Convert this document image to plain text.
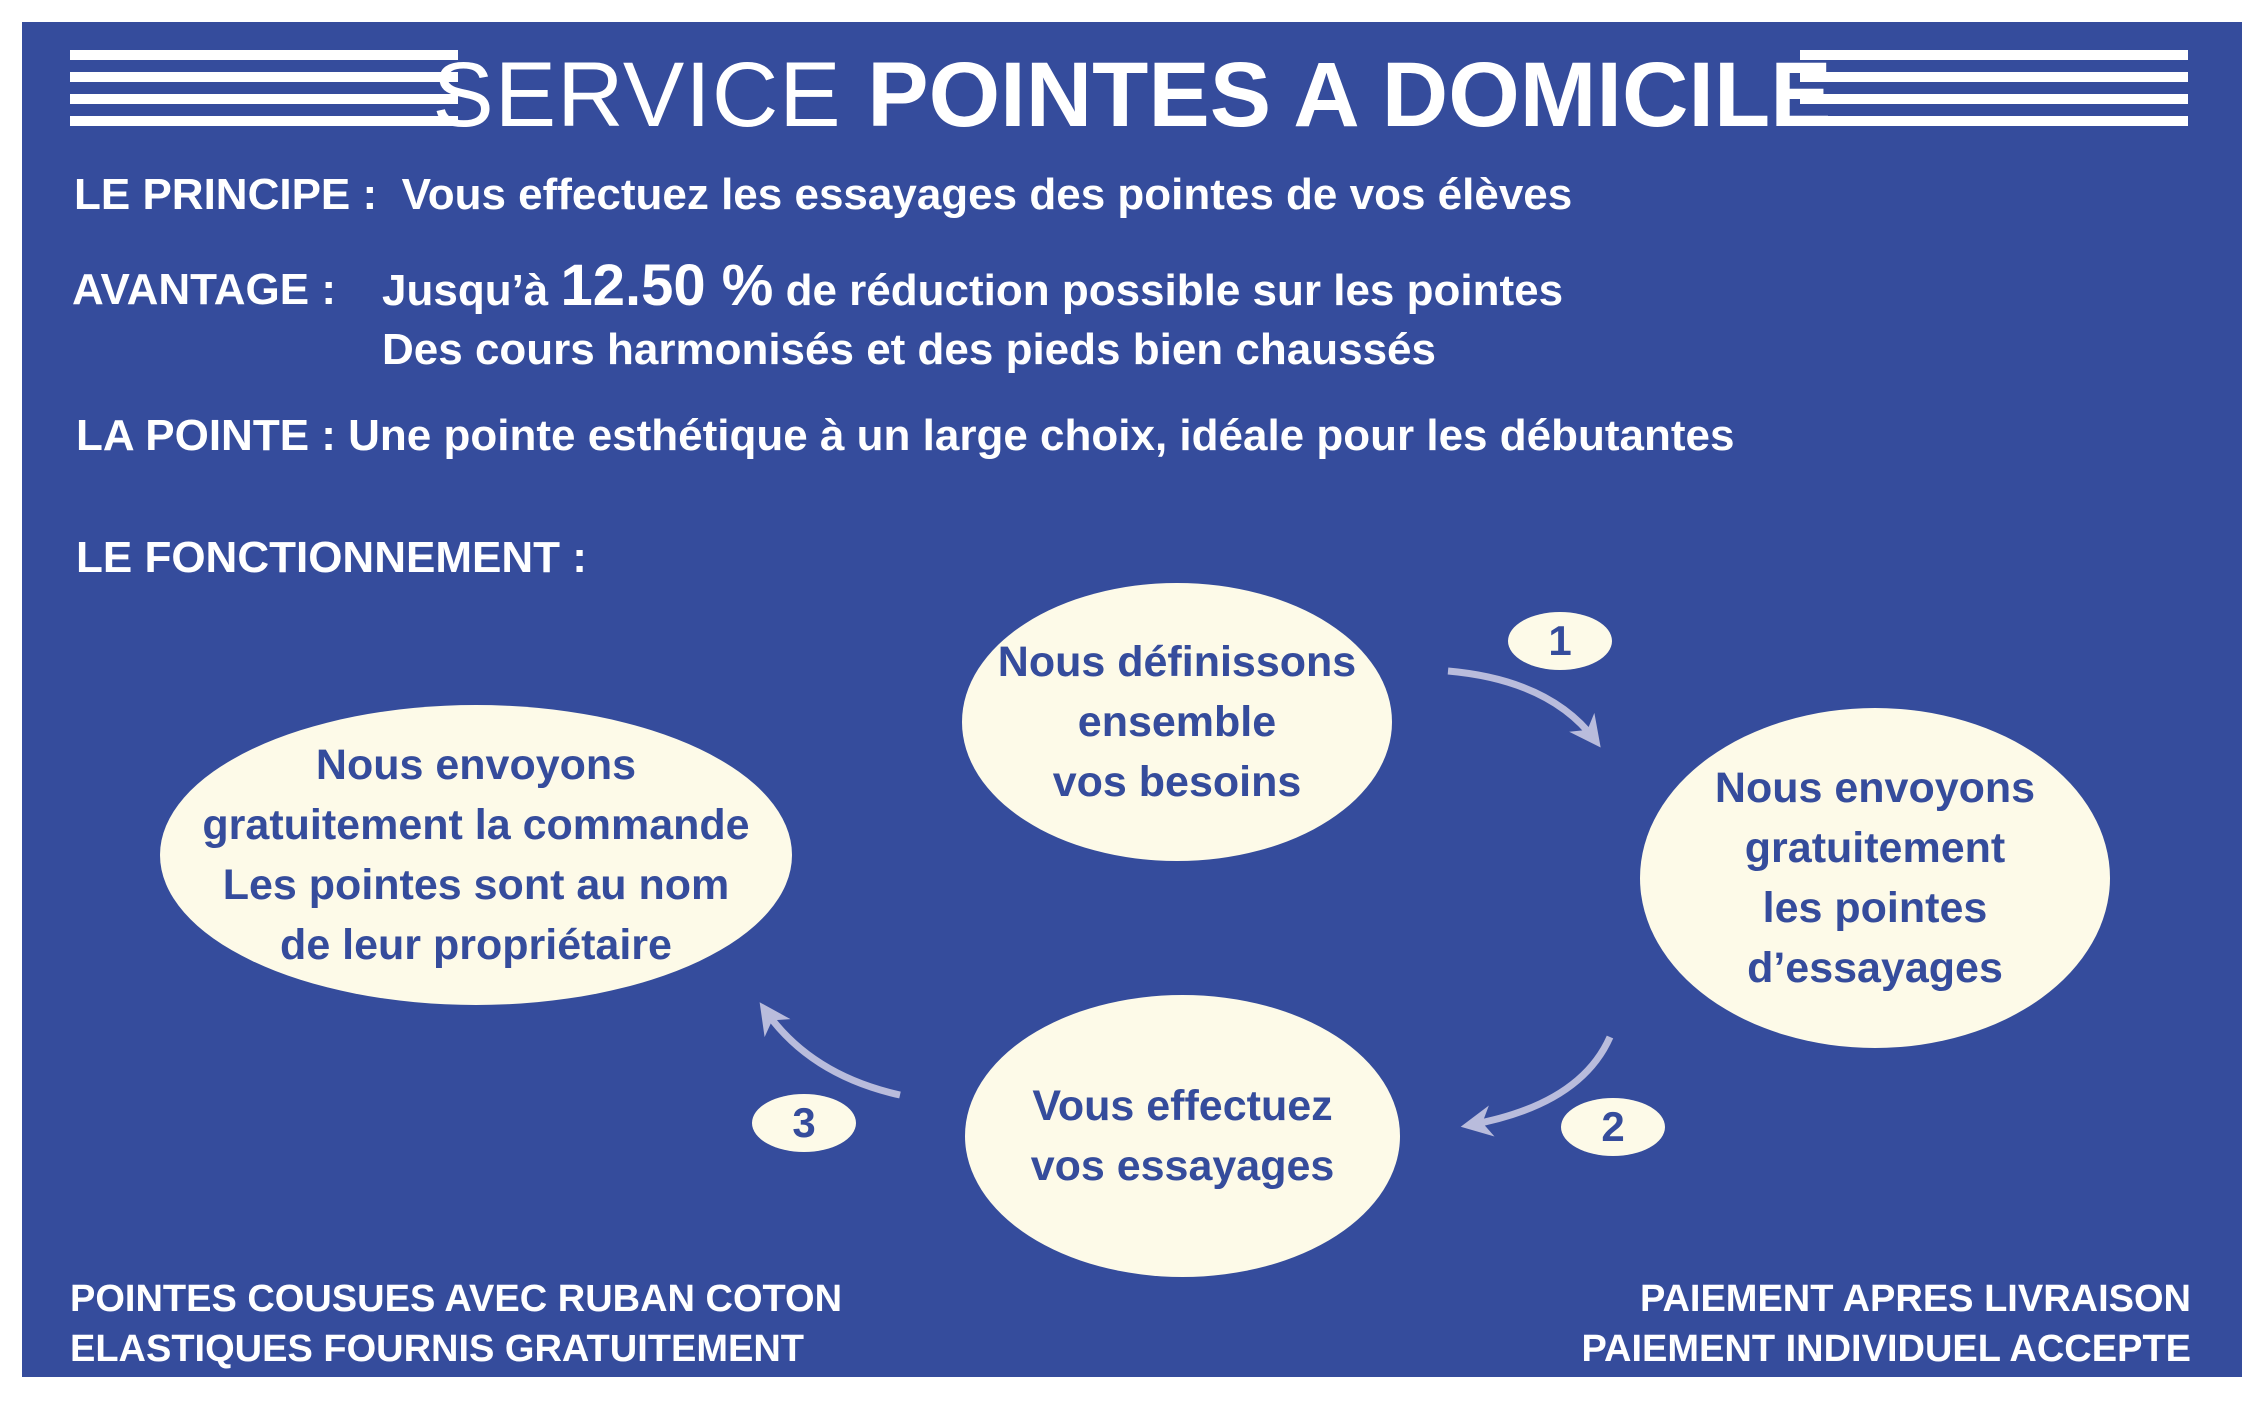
SERVICE POINTES A DOMICILE
LE PRINCIPE : Vous effectuez les essayages des pointes de vos élèves
AVANTAGE : Jusqu’à 12.50 % de réduction possible sur les pointes
Des cours harmonisés et des pieds bien chaussés
LA POINTE : Une pointe esthétique à un large choix, idéale pour les débutantes
LE FONCTIONNEMENT :
Nous définissons
ensemble
vos besoins	Nous envoyons
gratuitement
les pointes
d’essayages
Vous effectuez
vos essayages
Nous envoyons
gratuitement la commande
Les pointes sont au nom
de leur propriétaire
1
2
3
POINTES COUSUES AVEC RUBAN COTON
ELASTIQUES FOURNIS GRATUITEMENT
PAIEMENT APRES LIVRAISON
PAIEMENT INDIVIDUEL ACCEPTE
